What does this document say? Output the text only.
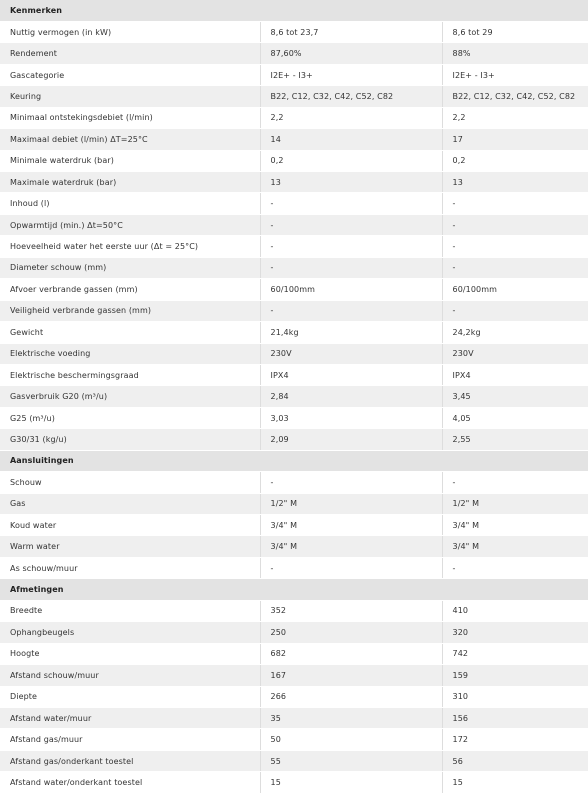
Kenmerken		
Nuttig vermogen (in kW)	8,6 tot 23,7	8,6 tot 29
Rendement	87,60%	88%
Gascategorie	I2E+ - I3+	I2E+ - I3+
Keuring	B22, C12, C32, C42, C52, C82	B22, C12, C32, C42, C52, C82
Minimaal ontstekingsdebiet (l/min)	2,2	2,2
Maximaal debiet (l/min) ΔT=25°C	14	17
Minimale waterdruk (bar)	0,2	0,2
Maximale waterdruk (bar)	13	13
Inhoud (l)	-	-
Opwarmtijd (min.) Δt=50°C	-	-
Hoeveelheid water het eerste uur (Δt = 25°C)	-	-
Diameter schouw (mm)	-	-
Afvoer verbrande gassen (mm)	60/100mm	60/100mm
Veiligheid verbrande gassen (mm)	-	-
Gewicht	21,4kg	24,2kg
Elektrische voeding	230V	230V
Elektrische beschermingsgraad	IPX4	IPX4
Gasverbruik G20 (m³/u)	2,84	3,45
G25 (m³/u)	3,03	4,05
G30/31 (kg/u)	2,09	2,55
Aansluitingen		
Schouw	-	-
Gas	1/2" M	1/2" M
Koud water	3/4" M	3/4" M
Warm water	3/4" M	3/4" M
As schouw/muur	-	-
Afmetingen		
Breedte	352	410
Ophangbeugels	250	320
Hoogte	682	742
Afstand schouw/muur	167	159
Diepte	266	310
Afstand water/muur	35	156
Afstand gas/muur	50	172
Afstand gas/onderkant toestel	55	56
Afstand water/onderkant toestel	15	15
